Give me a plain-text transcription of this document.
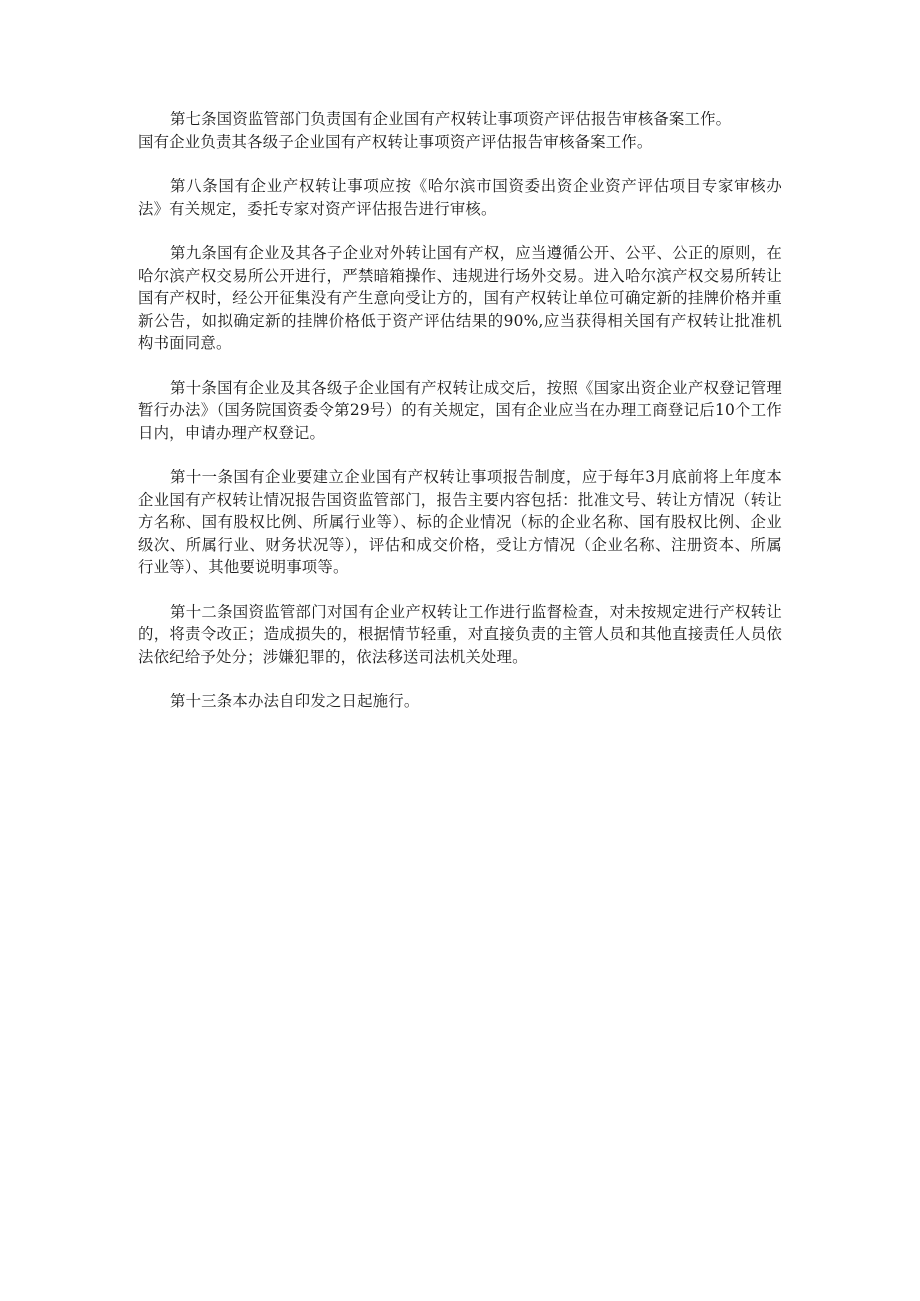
第七条国资监管部门负责国有企业国有产权转让事项资产评估报告审核备案工作。
国有企业负责其各级子企业国有产权转让事项资产评估报告审核备案工作。

第八条国有企业产权转让事项应按《哈尔滨市国资委出资企业资产评估项目专家审核办法》有关规定，委托专家对资产评估报告进行审核。

第九条国有企业及其各子企业对外转让国有产权，应当遵循公开、公平、公正的原则，在哈尔滨产权交易所公开进行，严禁暗箱操作、违规进行场外交易。进入哈尔滨产权交易所转让国有产权时，经公开征集没有产生意向受让方的，国有产权转让单位可确定新的挂牌价格并重新公告，如拟确定新的挂牌价格低于资产评估结果的90%,应当获得相关国有产权转让批准机构书面同意。

第十条国有企业及其各级子企业国有产权转让成交后，按照《国家出资企业产权登记管理暂行办法》（国务院国资委令第29号）的有关规定，国有企业应当在办理工商登记后10个工作日内，申请办理产权登记。

第十一条国有企业要建立企业国有产权转让事项报告制度，应于每年3月底前将上年度本企业国有产权转让情况报告国资监管部门，报告主要内容包括：批准文号、转让方情况（转让方名称、国有股权比例、所属行业等）、标的企业情况（标的企业名称、国有股权比例、企业级次、所属行业、财务状况等），评估和成交价格，受让方情况（企业名称、注册资本、所属行业等）、其他要说明事项等。

第十二条国资监管部门对国有企业产权转让工作进行监督检查，对未按规定进行产权转让的，将责令改正；造成损失的，根据情节轻重，对直接负责的主管人员和其他直接责任人员依法依纪给予处分；涉嫌犯罪的，依法移送司法机关处理。

第十三条本办法自印发之日起施行。
